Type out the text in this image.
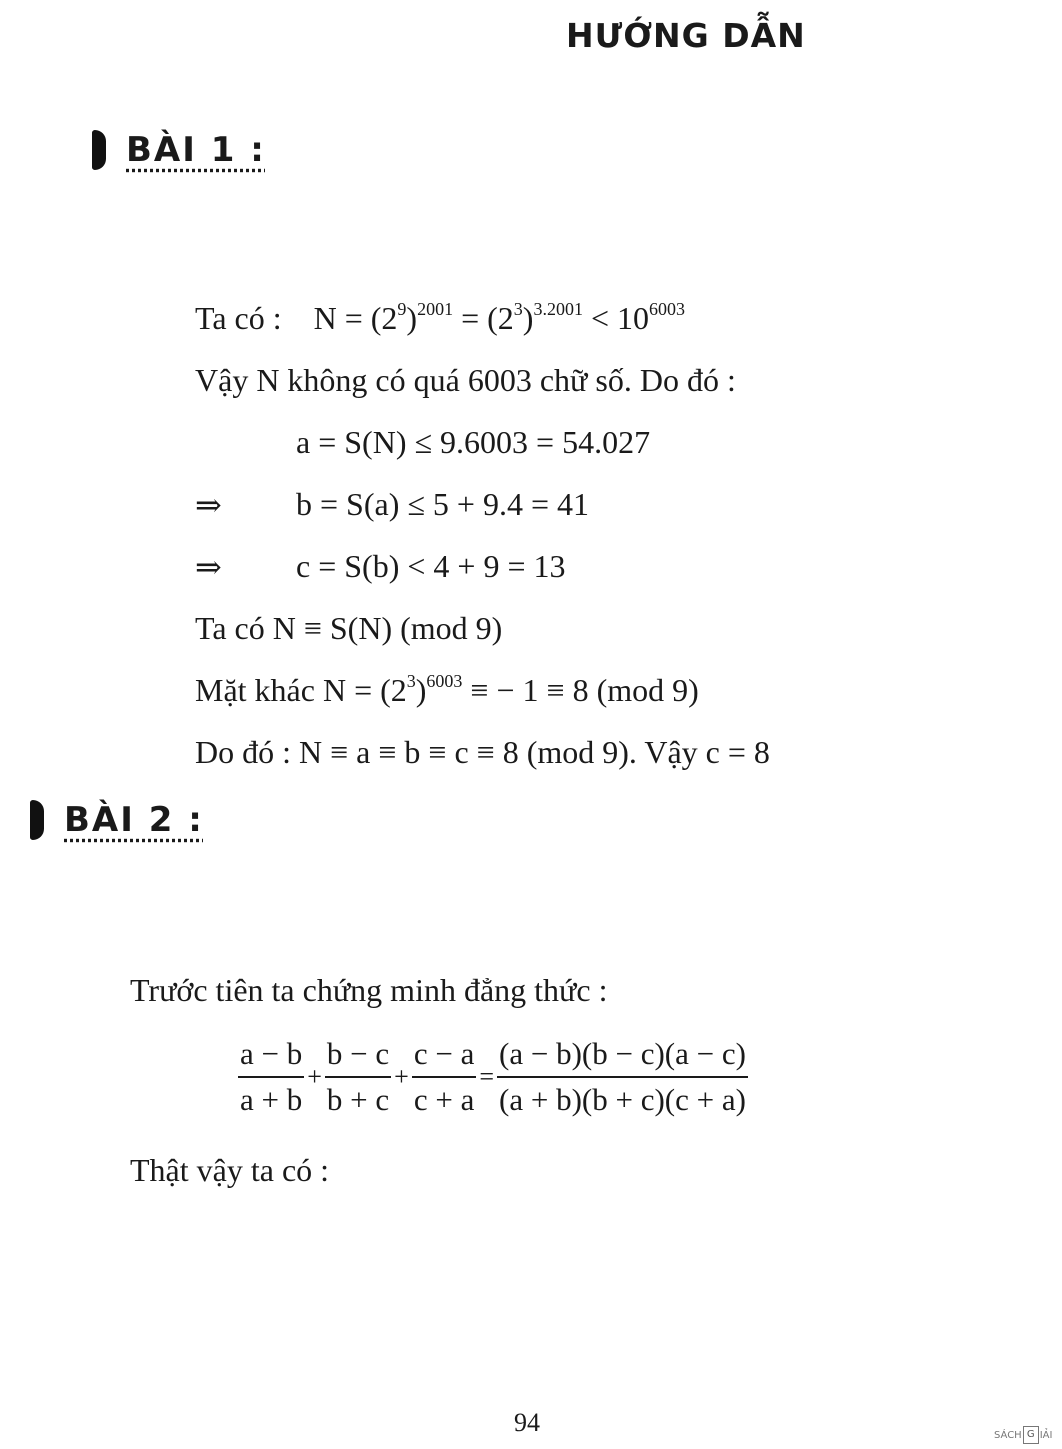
HƯỚNG DẪN
BÀI 1 :
Ta có : $N = (2^9)^{2001} = (2^3)^{3.2001} < 10^{6003}$
Vậy N không có quá 6003 chữ số. Do đó :
a = S(N) ≤ 9.6003 = 54.027
⇒ b = S(a) ≤ 5 + 9.4 = 41
⇒ c = S(b) < 4 + 9 = 13
Ta có N ≡ S(N) (mod 9)
Mặt khác $N = (2^3)^{6003}$ ≡ − 1 ≡ 8 (mod 9)
Do đó : N ≡ a ≡ b ≡ c ≡ 8 (mod 9). Vậy c = 8
BÀI 2 :
Trước tiên ta chứng minh đẳng thức :
$\frac{a - b}{a + b} + \frac{b - c}{b + c} + \frac{c - a}{c + a} = \frac{(a - b)(b - c)(a - c)}{(a + b)(b + c)(c + a)}$
Thật vậy ta có :
94	SÁCH G IẢI
